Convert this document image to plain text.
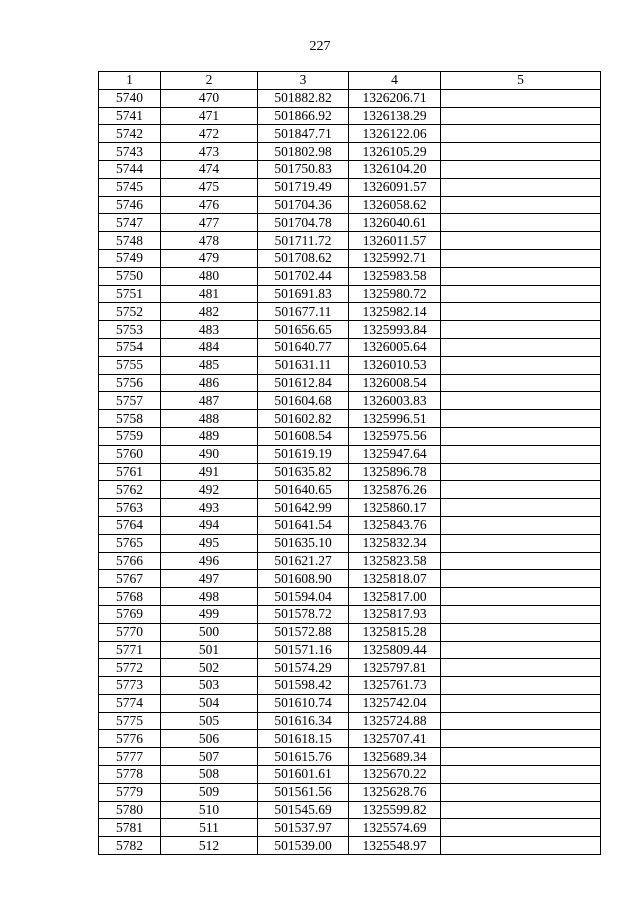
227
1	2	3	4	5
5740	470	501882.82	1326206.71	
5741	471	501866.92	1326138.29	
5742	472	501847.71	1326122.06	
5743	473	501802.98	1326105.29	
5744	474	501750.83	1326104.20	
5745	475	501719.49	1326091.57	
5746	476	501704.36	1326058.62	
5747	477	501704.78	1326040.61	
5748	478	501711.72	1326011.57	
5749	479	501708.62	1325992.71	
5750	480	501702.44	1325983.58	
5751	481	501691.83	1325980.72	
5752	482	501677.11	1325982.14	
5753	483	501656.65	1325993.84	
5754	484	501640.77	1326005.64	
5755	485	501631.11	1326010.53	
5756	486	501612.84	1326008.54	
5757	487	501604.68	1326003.83	
5758	488	501602.82	1325996.51	
5759	489	501608.54	1325975.56	
5760	490	501619.19	1325947.64	
5761	491	501635.82	1325896.78	
5762	492	501640.65	1325876.26	
5763	493	501642.99	1325860.17	
5764	494	501641.54	1325843.76	
5765	495	501635.10	1325832.34	
5766	496	501621.27	1325823.58	
5767	497	501608.90	1325818.07	
5768	498	501594.04	1325817.00	
5769	499	501578.72	1325817.93	
5770	500	501572.88	1325815.28	
5771	501	501571.16	1325809.44	
5772	502	501574.29	1325797.81	
5773	503	501598.42	1325761.73	
5774	504	501610.74	1325742.04	
5775	505	501616.34	1325724.88	
5776	506	501618.15	1325707.41	
5777	507	501615.76	1325689.34	
5778	508	501601.61	1325670.22	
5779	509	501561.56	1325628.76	
5780	510	501545.69	1325599.82	
5781	511	501537.97	1325574.69	
5782	512	501539.00	1325548.97	
